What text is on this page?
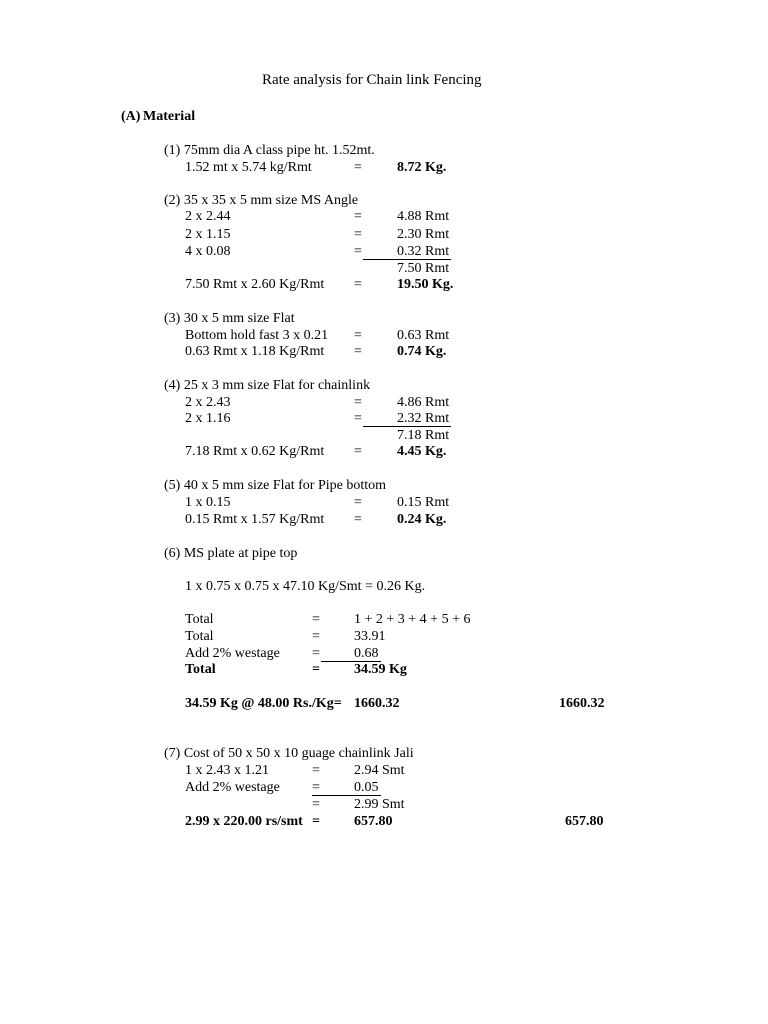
Rate analysis for Chain link Fencing
(A) Material
(1) 75mm dia A class pipe ht. 1.52mt.
1.52 mt x 5.74 kg/Rmt	=	8.72 Kg.
(2) 35 x 35 x 5 mm size MS Angle
2 x 2.44	=	4.88 Rmt
2 x 1.15	=	2.30 Rmt
4 x 0.08	=	0.32 Rmt
7.50 Rmt
7.50 Rmt x 2.60 Kg/Rmt =	19.50 Kg.
(3) 30 x 5 mm size Flat
Bottom hold fast 3 x 0.21 =	0.63 Rmt
0.63 Rmt x 1.18 Kg/Rmt =	0.74 Kg.
(4) 25 x 3 mm size Flat for chainlink
2 x 2.43	=	4.86 Rmt
2 x 1.16	=	2.32 Rmt
7.18 Rmt
7.18 Rmt x 0.62 Kg/Rmt =	4.45 Kg.
(5) 40 x 5 mm size Flat for Pipe bottom
1 x 0.15	=	0.15 Rmt
0.15 Rmt x 1.57 Kg/Rmt =	0.24 Kg.
(6) MS plate at pipe top
1 x 0.75 x 0.75 x 47.10 Kg/Smt = 0.26 Kg.
Total	= 1 + 2 + 3 + 4 + 5 + 6
Total	= 33.91
Add 2% westage = 0.68
Total	= 34.59 Kg
34.59 Kg @ 48.00 Rs./Kg= 1660.32	1660.32
(7) Cost of 50 x 50 x 10 guage chainlink Jali
1 x 2.43 x 1.21	= 2.94 Smt
Add 2% westage = 0.05
= 2.99 Smt
2.99 x 220.00 rs/smt = 657.80	657.80
